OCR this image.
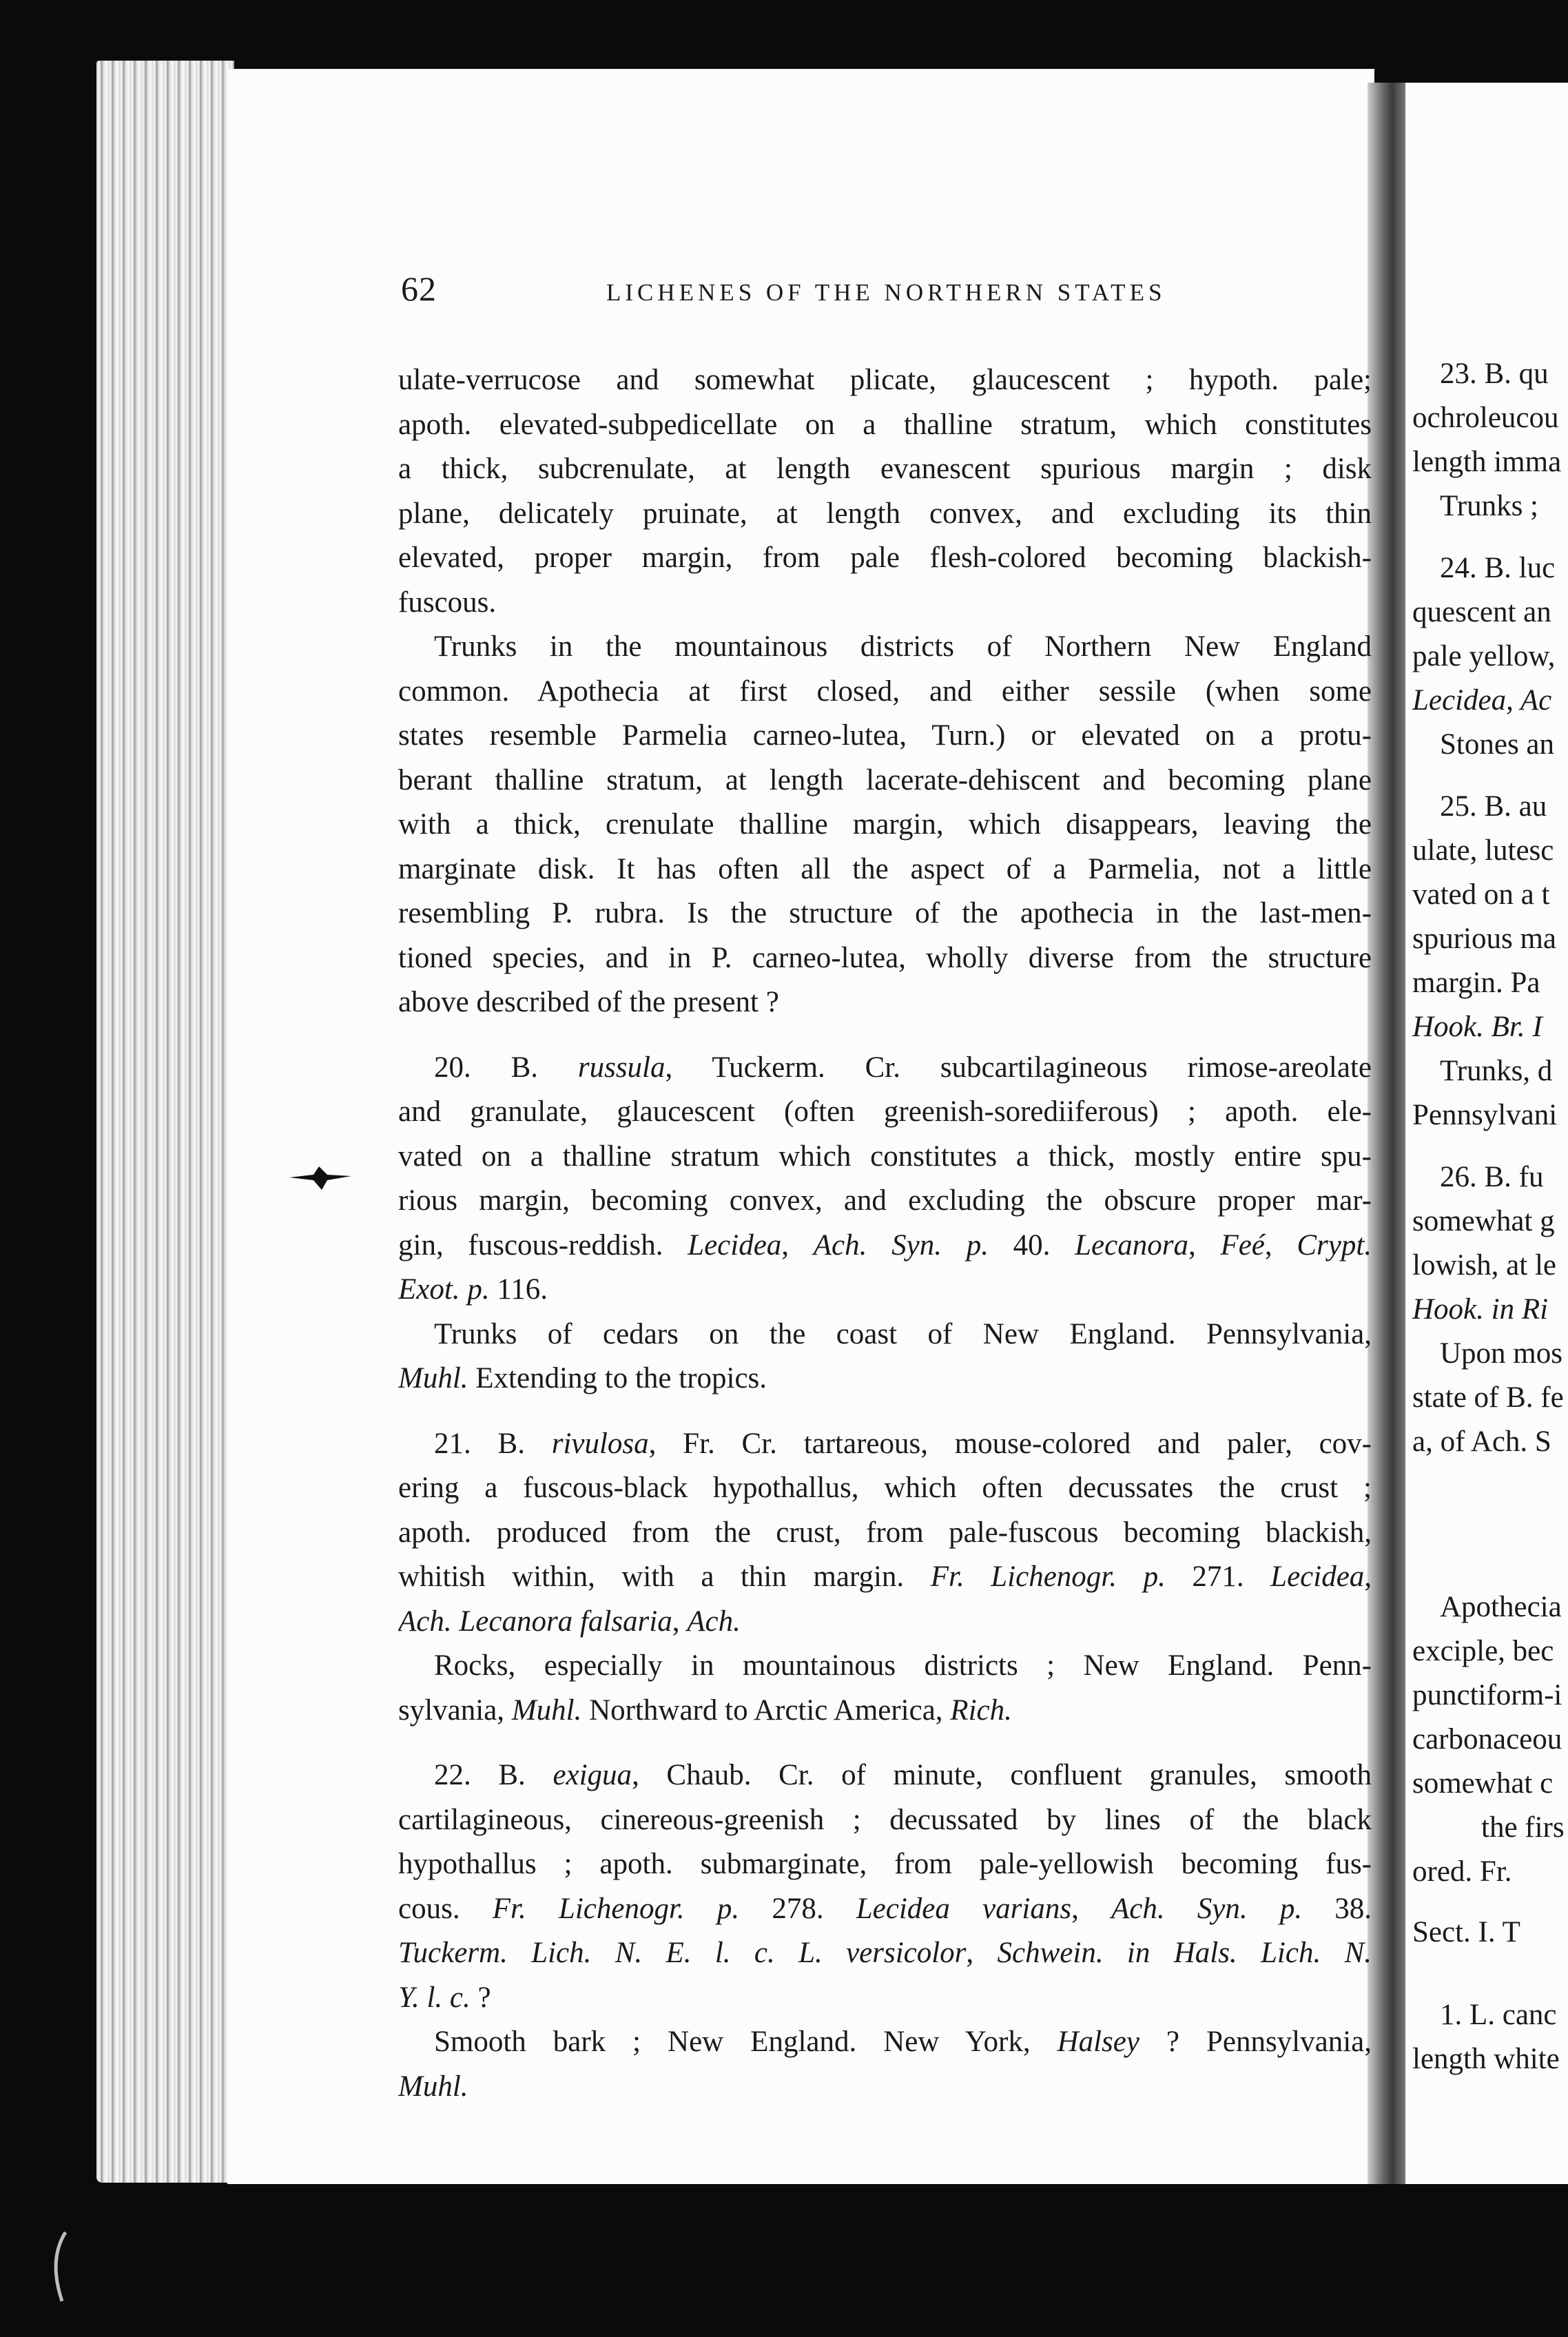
23. B. qu
ochroleucou
length imma
Trunks ;
24. B. luc
quescent an
pale yellow,
Lecidea, Ac
Stones an
25. B. au
ulate, lutesc
vated on a t
spurious ma
margin. Pa
Hook. Br. I
Trunks, d
Pennsylvani
26. B. fu
somewhat g
lowish, at le
Hook. in Ri
Upon mos
state of B. fe
a, of Ach. S
Apothecia
exciple, bec
punctiform-i
carbonaceou
somewhat c
the firs
ored. Fr.
Sect. I. T
1. L. canc
length white
62	LICHENES OF THE NORTHERN STATES
ulate-verrucose and somewhat plicate, glaucescent ; hypoth. pale;
apoth. elevated-subpedicellate on a thalline stratum, which constitutes
a thick, subcrenulate, at length evanescent spurious margin ; disk
plane, delicately pruinate, at length convex, and excluding its thin
elevated, proper margin, from pale flesh-colored becoming blackish-
fuscous.
Trunks in the mountainous districts of Northern New England
common. Apothecia at first closed, and either sessile (when some
states resemble Parmelia carneo-lutea, Turn.) or elevated on a protu-
berant thalline stratum, at length lacerate-dehiscent and becoming plane
with a thick, crenulate thalline margin, which disappears, leaving the
marginate disk. It has often all the aspect of a Parmelia, not a little
resembling P. rubra. Is the structure of the apothecia in the last-men-
tioned species, and in P. carneo-lutea, wholly diverse from the structure
above described of the present ?
20. B. russula, Tuckerm. Cr. subcartilagineous rimose-areolate
and granulate, glaucescent (often greenish-sorediiferous) ; apoth. ele-
vated on a thalline stratum which constitutes a thick, mostly entire spu-
rious margin, becoming convex, and excluding the obscure proper mar-
gin, fuscous-reddish. Lecidea, Ach. Syn. p. 40. Lecanora, Feé, Crypt.
Exot. p. 116.
Trunks of cedars on the coast of New England. Pennsylvania,
Muhl. Extending to the tropics.
21. B. rivulosa, Fr. Cr. tartareous, mouse-colored and paler, cov-
ering a fuscous-black hypothallus, which often decussates the crust ;
apoth. produced from the crust, from pale-fuscous becoming blackish,
whitish within, with a thin margin. Fr. Lichenogr. p. 271. Lecidea,
Ach. Lecanora falsaria, Ach.
Rocks, especially in mountainous districts ; New England. Penn-
sylvania, Muhl. Northward to Arctic America, Rich.
22. B. exigua, Chaub. Cr. of minute, confluent granules, smooth
cartilagineous, cinereous-greenish ; decussated by lines of the black
hypothallus ; apoth. submarginate, from pale-yellowish becoming fus-
cous. Fr. Lichenogr. p. 278. Lecidea varians, Ach. Syn. p. 38.
Tuckerm. Lich. N. E. l. c. L. versicolor, Schwein. in Hals. Lich. N.
Y. l. c. ?
Smooth bark ; New England. New York, Halsey ? Pennsylvania,
Muhl.
